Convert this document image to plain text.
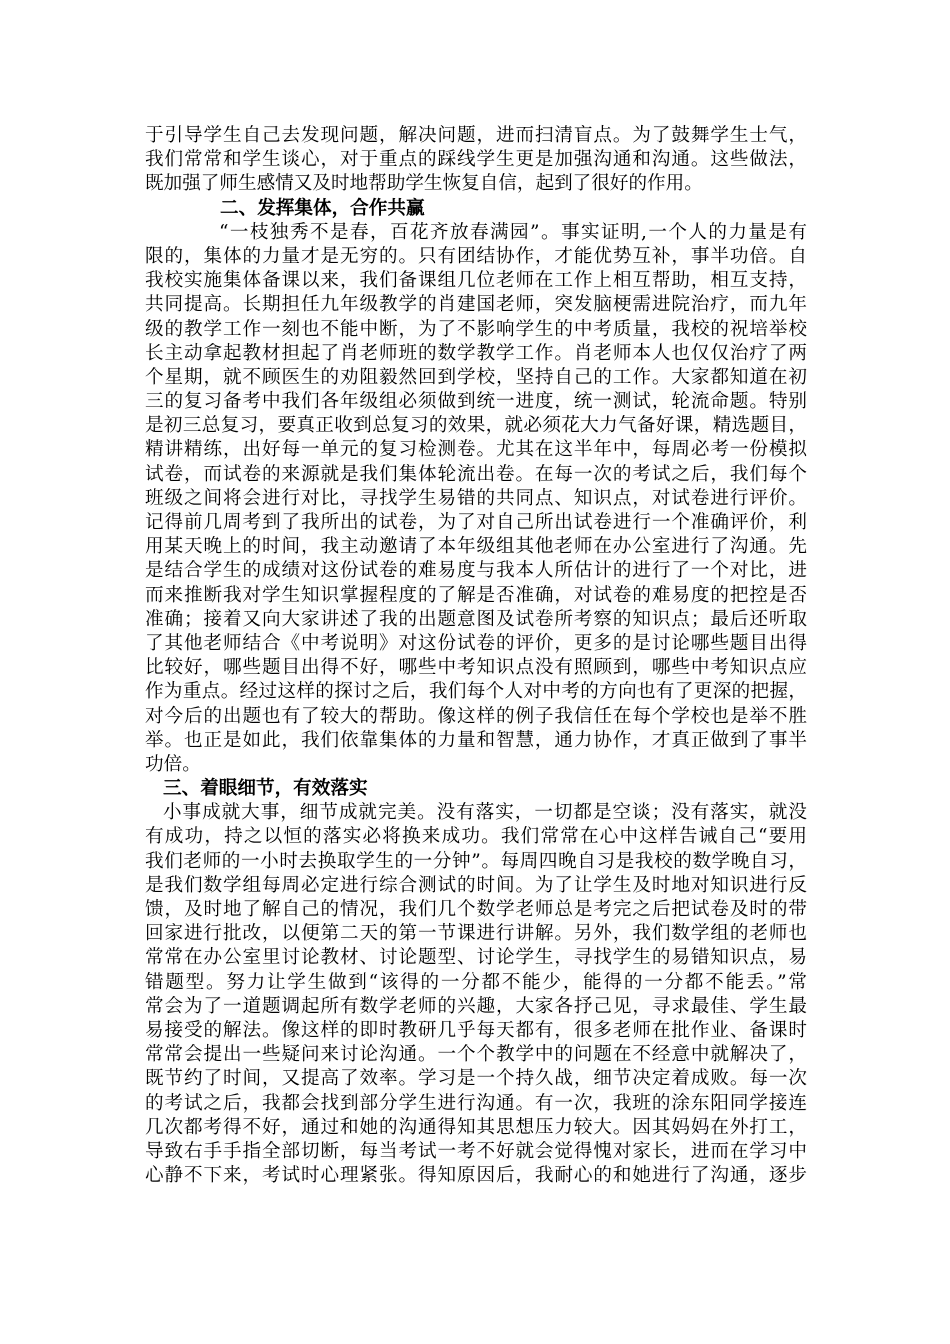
于引导学生自己去发现问题，解决问题，进而扫清盲点。为了鼓舞学生士气，
我们常常和学生谈心，对于重点的踩线学生更是加强沟通和沟通。这些做法，
既加强了师生感情又及时地帮助学生恢复自信，起到了很好的作用。
二、发挥集体，合作共赢
“一枝独秀不是春，百花齐放春满园”。事实证明,一个人的力量是有
限的，集体的力量才是无穷的。只有团结协作，才能优势互补，事半功倍。自
我校实施集体备课以来，我们备课组几位老师在工作上相互帮助，相互支持，
共同提高。长期担任九年级教学的肖建国老师，突发脑梗需进院治疗，而九年
级的教学工作一刻也不能中断，为了不影响学生的中考质量，我校的祝培举校
长主动拿起教材担起了肖老师班的数学教学工作。肖老师本人也仅仅治疗了两
个星期，就不顾医生的劝阻毅然回到学校，坚持自己的工作。大家都知道在初
三的复习备考中我们各年级组必须做到统一进度，统一测试，轮流命题。特别
是初三总复习，要真正收到总复习的效果，就必须花大力气备好课，精选题目，
精讲精练，出好每一单元的复习检测卷。尤其在这半年中，每周必考一份模拟
试卷，而试卷的来源就是我们集体轮流出卷。在每一次的考试之后，我们每个
班级之间将会进行对比，寻找学生易错的共同点、知识点，对试卷进行评价。
记得前几周考到了我所出的试卷，为了对自己所出试卷进行一个准确评价，利
用某天晚上的时间，我主动邀请了本年级组其他老师在办公室进行了沟通。先
是结合学生的成绩对这份试卷的难易度与我本人所估计的进行了一个对比，进
而来推断我对学生知识掌握程度的了解是否准确，对试卷的难易度的把控是否
准确；接着又向大家讲述了我的出题意图及试卷所考察的知识点；最后还听取
了其他老师结合《中考说明》对这份试卷的评价，更多的是讨论哪些题目出得
比较好，哪些题目出得不好，哪些中考知识点没有照顾到，哪些中考知识点应
作为重点。经过这样的探讨之后，我们每个人对中考的方向也有了更深的把握，
对今后的出题也有了较大的帮助。像这样的例子我信任在每个学校也是举不胜
举。也正是如此，我们依靠集体的力量和智慧，通力协作，才真正做到了事半
功倍。
三、着眼细节，有效落实
小事成就大事，细节成就完美。没有落实，一切都是空谈；没有落实，就没
有成功，持之以恒的落实必将换来成功。我们常常在心中这样告诫自己“要用
我们老师的一小时去换取学生的一分钟”。每周四晚自习是我校的数学晚自习，
是我们数学组每周必定进行综合测试的时间。为了让学生及时地对知识进行反
馈，及时地了解自己的情况，我们几个数学老师总是考完之后把试卷及时的带
回家进行批改，以便第二天的第一节课进行讲解。另外，我们数学组的老师也
常常在办公室里讨论教材、讨论题型、讨论学生，寻找学生的易错知识点，易
错题型。努力让学生做到“该得的一分都不能少，能得的一分都不能丢。”常
常会为了一道题调起所有数学老师的兴趣，大家各抒己见，寻求最佳、学生最
易接受的解法。像这样的即时教研几乎每天都有，很多老师在批作业、备课时
常常会提出一些疑问来讨论沟通。一个个教学中的问题在不经意中就解决了，
既节约了时间，又提高了效率。学习是一个持久战，细节决定着成败。每一次
的考试之后，我都会找到部分学生进行沟通。有一次，我班的涂东阳同学接连
几次都考得不好，通过和她的沟通得知其思想压力较大。因其妈妈在外打工，
导致右手手指全部切断，每当考试一考不好就会觉得愧对家长，进而在学习中
心静不下来，考试时心理紧张。得知原因后，我耐心的和她进行了沟通，逐步
